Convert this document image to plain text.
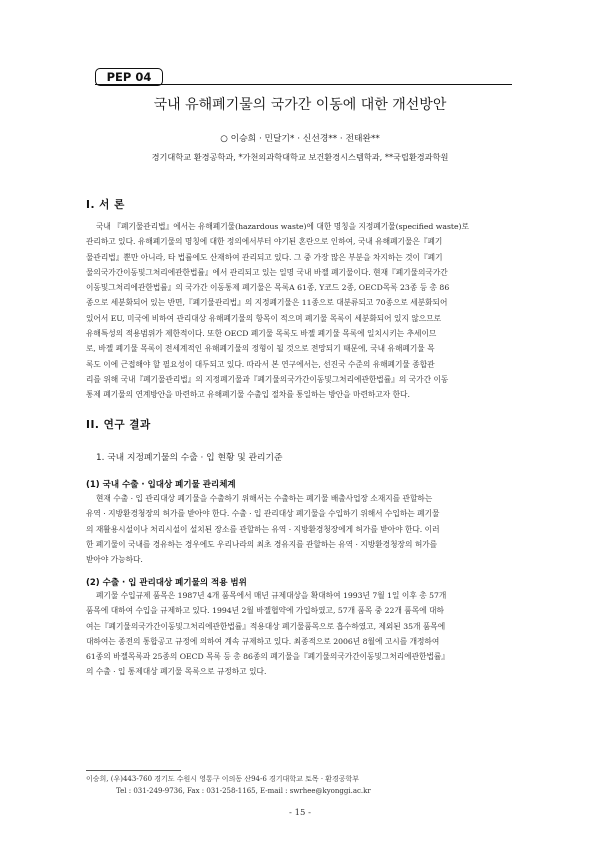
PEP 04
국내 유해폐기물의 국가간 이동에 대한 개선방안
○ 이승희 · 민달기* · 신선경** · 전태완**
경기대학교 환경공학과, *가천의과학대학교 보건환경시스템학과, **국립환경과학원
I. 서 론
국내 『폐기물관리법』에서는 유해폐기물(hazardous waste)에 대한 명칭을 지정폐기물(specified waste)로
관리하고 있다. 유해폐기물의 명칭에 대한 정의에서부터 야기된 혼란으로 인하여, 국내 유해폐기물은『폐기
물관리법』뿐만 아니라, 타 법률에도 산재하여 관리되고 있다. 그 중 가장 많은 부분을 차지하는 것이『폐기
물의국가간이동및그처리에관한법률』에서 관리되고 있는 일명 국내 바젤 폐기물이다. 현재『폐기물의국가간
이동및그처리에관한법률』의 국가간 이동통제 폐기물은 목록A 61종, Y코드 2종, OECD목록 23종 등 총 86
종으로 세분화되어 있는 반면,『폐기물관리법』의 지정폐기물은 11종으로 대분류되고 70종으로 세분화되어
있어서 EU, 미국에 비하여 관리대상 유해폐기물의 항목이 적으며 폐기물 목록이 세분화되어 있지 않으므로
유해특성의 적용범위가 제한적이다. 또한 OECD 폐기물 목록도 바젤 폐기물 목록에 일치시키는 추세이므
로, 바젤 폐기물 목록이 전세계적인 유해폐기물의 정형이 될 것으로 전망되기 때문에, 국내 유해폐기물 목
록도 이에 근접해야 할 필요성이 대두되고 있다. 따라서 본 연구에서는, 선진국 수준의 유해폐기물 종합관
리를 위해 국내『폐기물관리법』의 지정폐기물과『폐기물의국가간이동및그처리에관한법률』의 국가간 이동
통제 폐기물의 연계방안을 마련하고 유해폐기물 수출입 절차를 통일하는 방안을 마련하고자 한다.
II. 연구 결과
1. 국내 지정폐기물의 수출 · 입 현황 및 관리기준
(1) 국내 수출 · 입대상 폐기물 관리체계
현재 수출 · 입 관리대상 폐기물을 수출하기 위해서는 수출하는 폐기물 배출사업장 소재지를 관할하는
유역 · 지방환경청장의 허가를 받아야 한다. 수출 · 입 관리대상 폐기물을 수입하기 위해서 수입하는 폐기물
의 재활용시설이나 처리시설이 설치된 장소를 관할하는 유역 · 지방환경청장에게 허가를 받아야 한다. 이러
한 폐기물이 국내를 경유하는 경우에도 우리나라의 최초 경유지를 관할하는 유역 · 지방환경청장의 허가를
받아야 가능하다.
(2) 수출 · 입 관리대상 폐기물의 적용 범위
폐기물 수입규제 품목은 1987년 4개 품목에서 매년 규제대상을 확대하여 1993년 7월 1일 이후 총 57개
품목에 대하여 수입을 규제하고 있다. 1994년 2월 바젤협약에 가입하였고, 57개 품목 중 22개 품목에 대하
여는『폐기물의국가간이동및그처리에관한법률』적용대상 폐기물품목으로 흡수하였고, 제외된 35개 품목에
대하여는 종전의 통합공고 규정에 의하여 계속 규제하고 있다. 최종적으로 2006년 8월에 고시를 개정하여
61종의 바젤목록과 25종의 OECD 목록 등 총 86종의 폐기물을『폐기물의국가간이동및그처리에관한법률』
의 수출 · 입 통제대상 폐기물 목록으로 규정하고 있다.
이승희, (우)443-760 경기도 수원시 영통구 이의동 산94-6 경기대학교 토목 · 환경공학부
Tel : 031-249-9736, Fax : 031-258-1165, E-mail : swrhee@kyonggi.ac.kr
- 15 -
